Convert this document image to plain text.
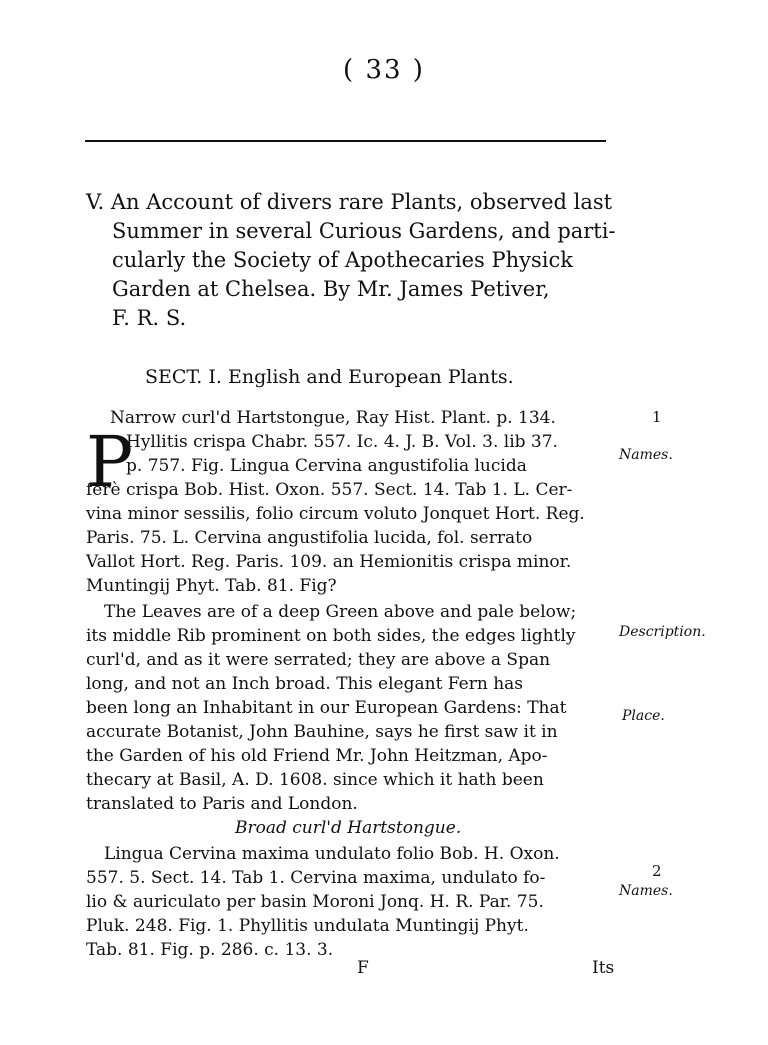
( 33 )
V. An Account of divers rare Plants, observed last
Summer in several Curious Gardens, and parti-
cularly the Society of Apothecaries Physick
Garden at Chelsea. By Mr. James Petiver,
F. R. S.
SECT. I. English and European Plants.
Narrow curl'd Hartstongue, Ray Hist. Plant. p. 134.	1
P
Hyllitis crispa Chabr. 557. Ic. 4. J. B. Vol. 3. lib 37.
Names.
p. 757. Fig. Lingua Cervina angustifolia lucida
ferè crispa Bob. Hist. Oxon. 557. Sect. 14. Tab 1. L. Cer-
vina minor sessilis, folio circum voluto Jonquet Hort. Reg.
Paris. 75. L. Cervina angustifolia lucida, fol. serrato
Vallot Hort. Reg. Paris. 109. an Hemionitis crispa minor.
Muntingij Phyt. Tab. 81. Fig?
The Leaves are of a deep Green above and pale below;
its middle Rib prominent on both sides, the edges lightly	Description.
curl'd, and as it were serrated; they are above a Span
long, and not an Inch broad. This elegant Fern has
been long an Inhabitant in our European Gardens: That	Place.
accurate Botanist, John Bauhine, says he first saw it in
the Garden of his old Friend Mr. John Heitzman, Apo-
thecary at Basil, A. D. 1608. since which it hath been
translated to Paris and London.
Broad curl'd Hartstongue.
Lingua Cervina maxima undulato folio Bob. H. Oxon.
557. 5. Sect. 14. Tab 1. Cervina maxima, undulato fo-	2
Names.
lio & auriculato per basin Moroni Jonq. H. R. Par. 75.
Pluk. 248. Fig. 1. Phyllitis undulata Muntingij Phyt.
Tab. 81. Fig. p. 286. c. 13. 3.
F	Its
